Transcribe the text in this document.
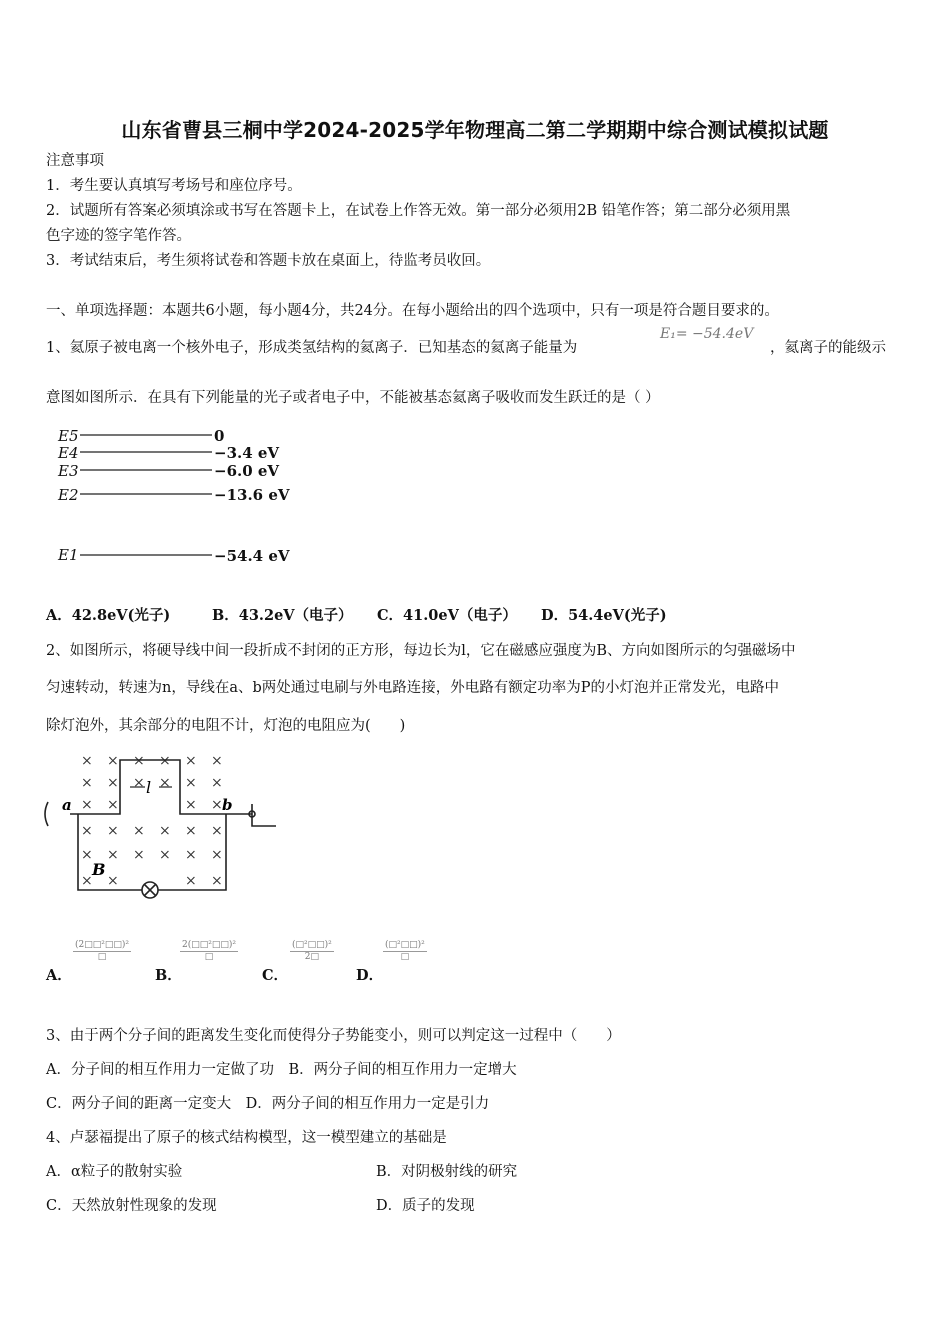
山东省曹县三桐中学2024-2025学年物理高二第二学期期中综合测试模拟试题
注意事项
1．考生要认真填写考场号和座位序号。
2．试题所有答案必须填涂或书写在答题卡上，在试卷上作答无效。第一部分必须用2B 铅笔作答；第二部分必须用黑
色字迹的签字笔作答。
3．考试结束后，考生须将试卷和答题卡放在桌面上，待监考员收回。
一、单项选择题：本题共6小题，每小题4分，共24分。在每小题给出的四个选项中，只有一项是符合题目要求的。
1、氦原子被电离一个核外电子，形成类氢结构的氦离子．已知基态的氦离子能量为
E₁= −54.4eV
，氦离子的能级示
意图如图所示．在具有下列能量的光子或者电子中，不能被基态氦离子吸收而发生跃迁的是（ ）
E5
E4
E3
E2
E1
0
−3.4 eV
−6.0 eV
−13.6 eV
−54.4 eV
A．42.8eV(光子)	B．43.2eV（电子） C．41.0eV（电子） D．54.4eV(光子)
2、如图所示，将硬导线中间一段折成不封闭的正方形，每边长为l，它在磁感应强度为B、方向如图所示的匀强磁场中
匀速转动，转速为n，导线在a、b两处通过电刷与外电路连接，外电路有额定功率为P的小灯泡并正常发光，电路中
除灯泡外，其余部分的电阻不计，灯泡的电阻应为(　　)
× × × × × ×
× × × × × ×
× ×	× ×
× × × × × ×
× × × × × ×
× ×	× ×
l
a	b
B
A．
(2□□²□□)²
□
B．
2(□□²□□)²
□
C．
(□²□□)²
2□
D．
(□²□□)²
□
3、由于两个分子间的距离发生变化而使得分子势能变小，则可以判定这一过程中（　　）
A．分子间的相互作用力一定做了功　B．两分子间的相互作用力一定增大
C．两分子间的距离一定变大　D．两分子间的相互作用力一定是引力
4、卢瑟福提出了原子的核式结构模型，这一模型建立的基础是
A．α粒子的散射实验	B．对阴极射线的研究
C．天然放射性现象的发现	D．质子的发现
